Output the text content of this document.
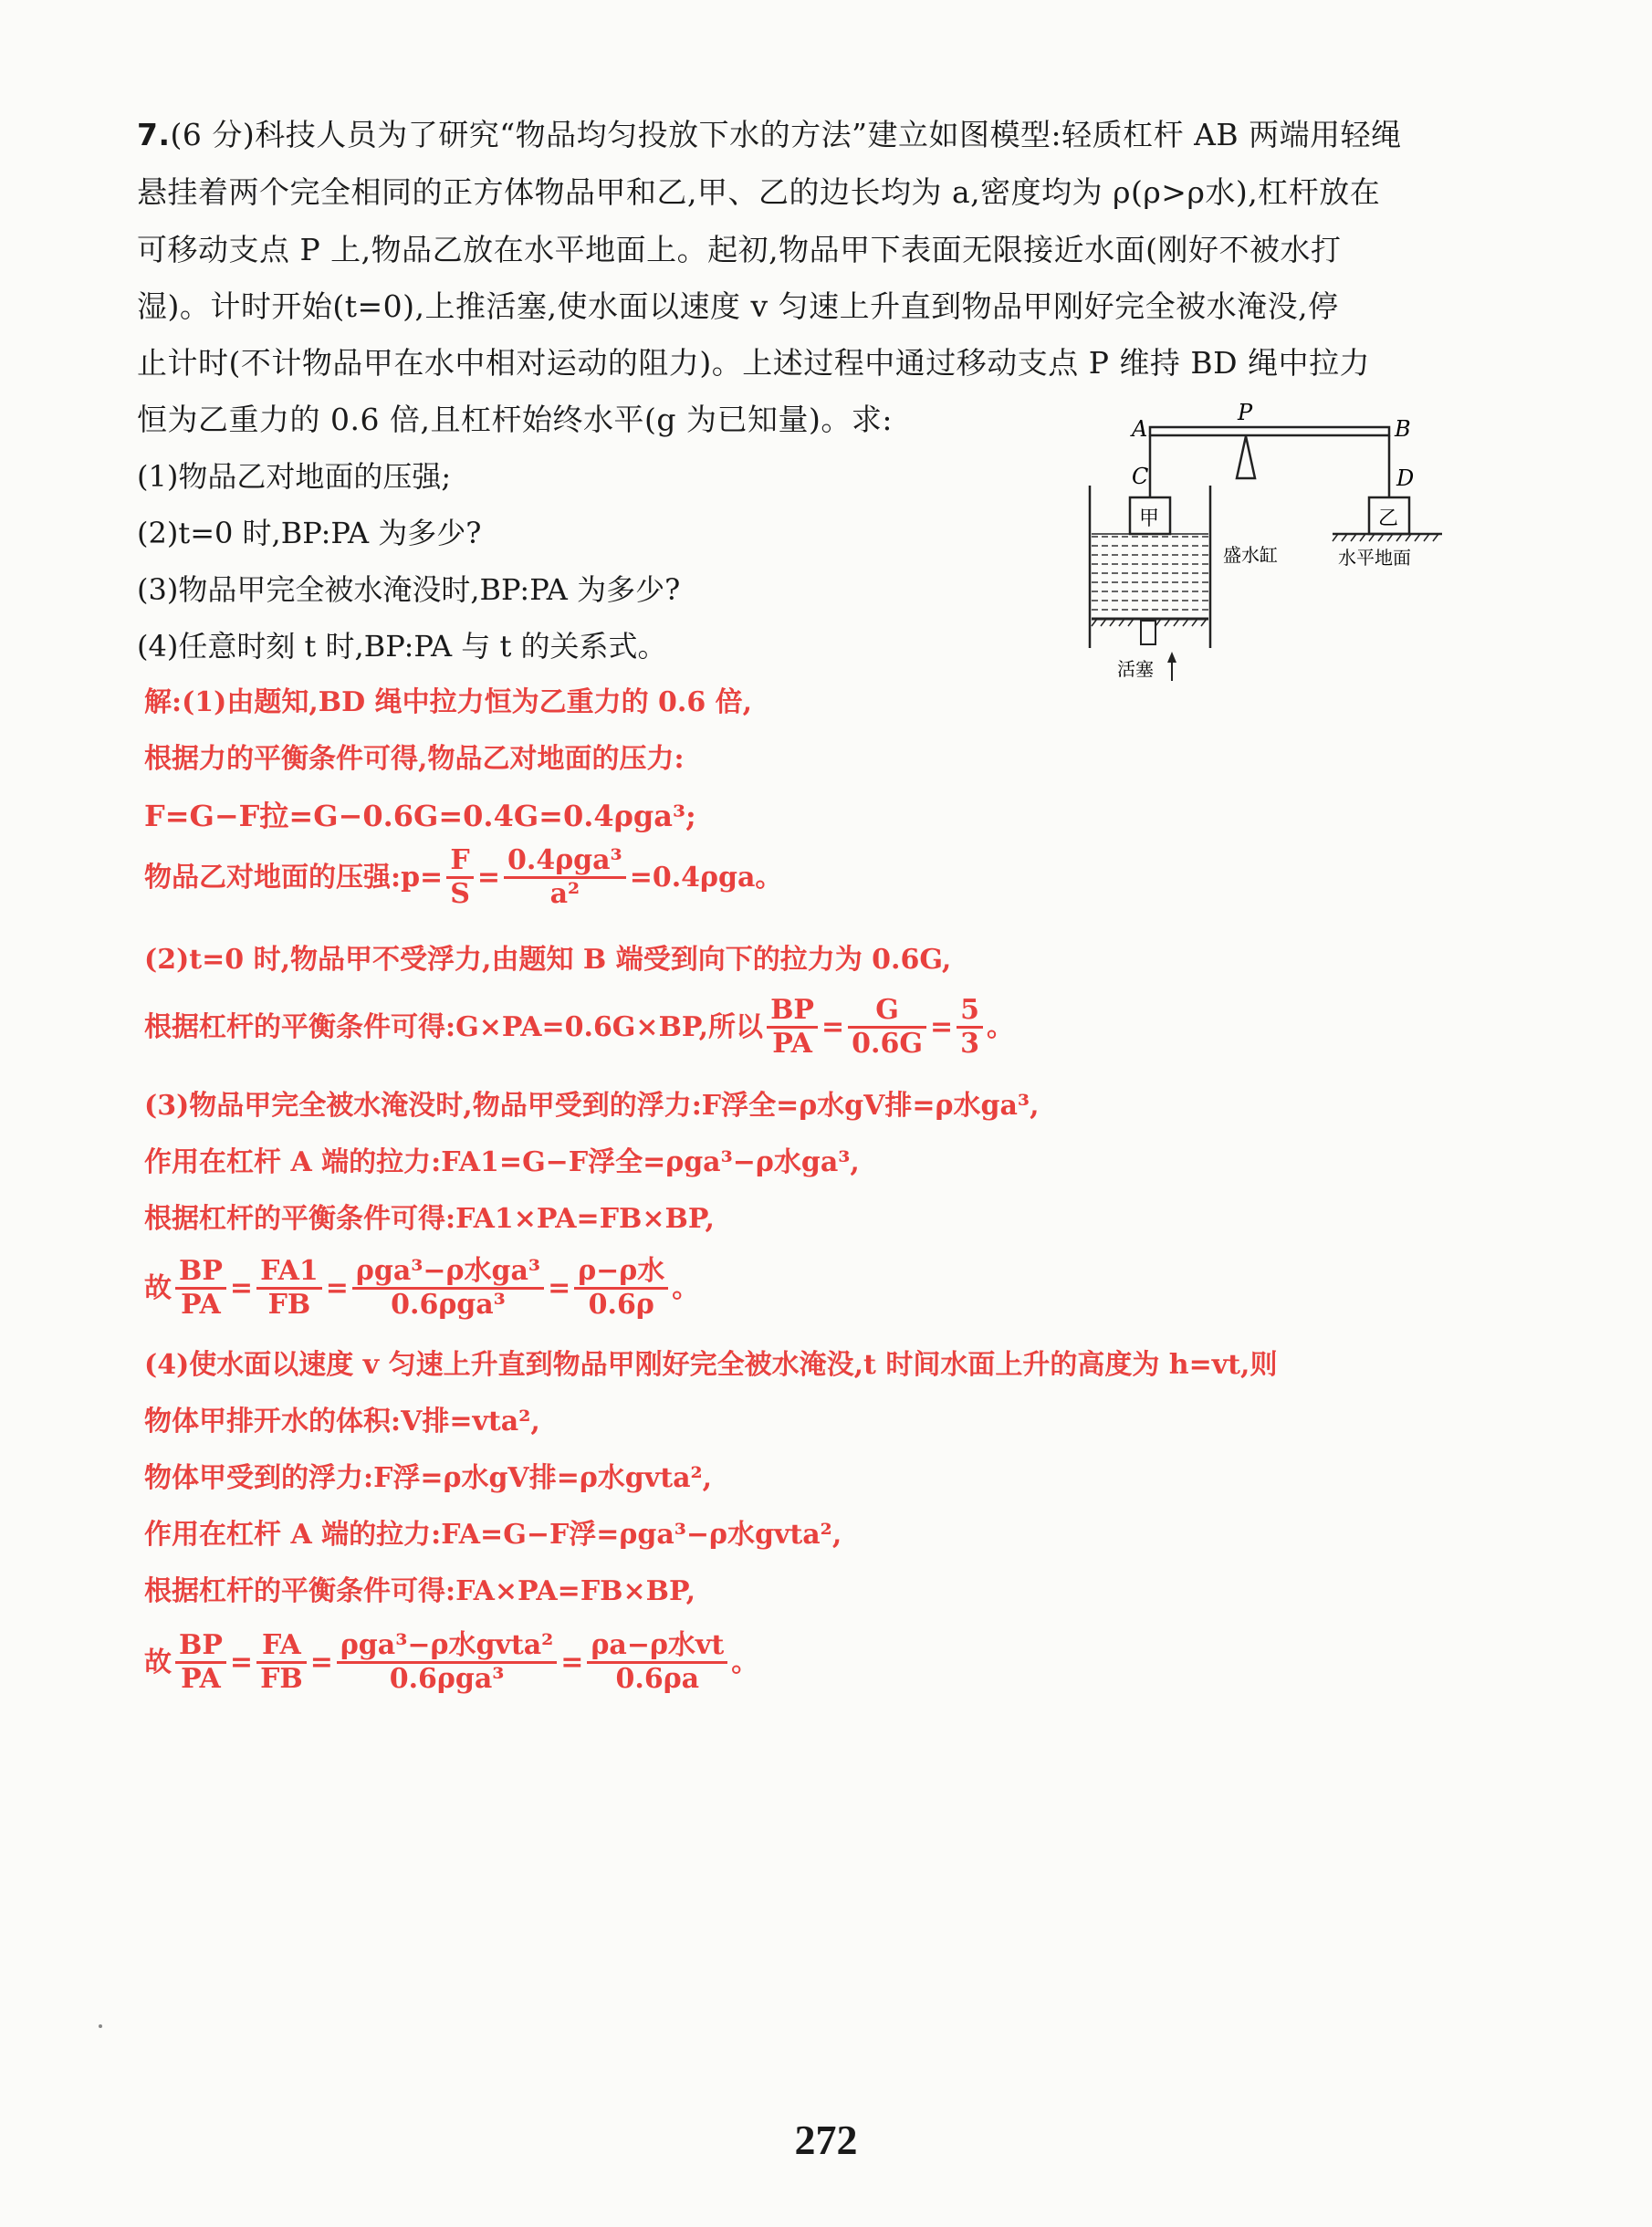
7.(6 分)科技人员为了研究“物品均匀投放下水的方法”建立如图模型:轻质杠杆 AB 两端用轻绳
悬挂着两个完全相同的正方体物品甲和乙,甲、乙的边长均为 a,密度均为 ρ(ρ>ρ水),杠杆放在
可移动支点 P 上,物品乙放在水平地面上。起初,物品甲下表面无限接近水面(刚好不被水打
湿)。计时开始(t=0),上推活塞,使水面以速度 v 匀速上升直到物品甲刚好完全被水淹没,停
止计时(不计物品甲在水中相对运动的阻力)。上述过程中通过移动支点 P 维持 BD 绳中拉力
恒为乙重力的 0.6 倍,且杠杆始终水平(g 为已知量)。求:
(1)物品乙对地面的压强;
(2)t=0 时,BP:PA 为多少?
(3)物品甲完全被水淹没时,BP:PA 为多少?
(4)任意时刻 t 时,BP:PA 与 t 的关系式。
A	B
P
C	D
甲	乙
水平地面
盛水缸
活塞
解:(1)由题知,BD 绳中拉力恒为乙重力的 0.6 倍,
根据力的平衡条件可得,物品乙对地面的压力:
F=G−F拉=G−0.6G=0.4G=0.4ρga³;
物品乙对地面的压强:p= $\frac{F}{S} = \frac{\text{0.4ρga³}}{\text{a²}} =0.4\rho ga$。
(2)t=0 时,物品甲不受浮力,由题知 B 端受到向下的拉力为 0.6G,
根据杠杆的平衡条件可得:G×PA=0.6G×BP,所以 $\frac{BP}{PA} = \frac{G}{0.6G} = \frac{5}{3}$ 。
(3)物品甲完全被水淹没时,物品甲受到的浮力:F浮全=ρ水gV排=ρ水ga³,
作用在杠杆 A 端的拉力:FA1=G−F浮全=ρga³−ρ水ga³,
根据杠杆的平衡条件可得:FA1×PA=FB×BP,
故 $\frac{BP}{PA} = \frac{FA1}{FB} = \frac{\text{ρga³−ρ水ga³}}{\text{0.6ρga³}} = \frac{\text{ρ−ρ水}}{0.6\rho}$ 。
(4)使水面以速度 v 匀速上升直到物品甲刚好完全被水淹没,t 时间水面上升的高度为 h=vt,则
物体甲排开水的体积:V排=vta²,
物体甲受到的浮力:F浮=ρ水gV排=ρ水gvta²,
作用在杠杆 A 端的拉力:FA=G−F浮=ρga³−ρ水gvta²,
根据杠杆的平衡条件可得:FA×PA=FB×BP,
故 $\frac{BP}{PA} = \frac{FA}{FB} = \frac{\text{ρga³−ρ水gvta²}}{\text{0.6ρga³}} = \frac{\text{ρa−ρ水vt}}{0.6\rho a}$ 。
272
